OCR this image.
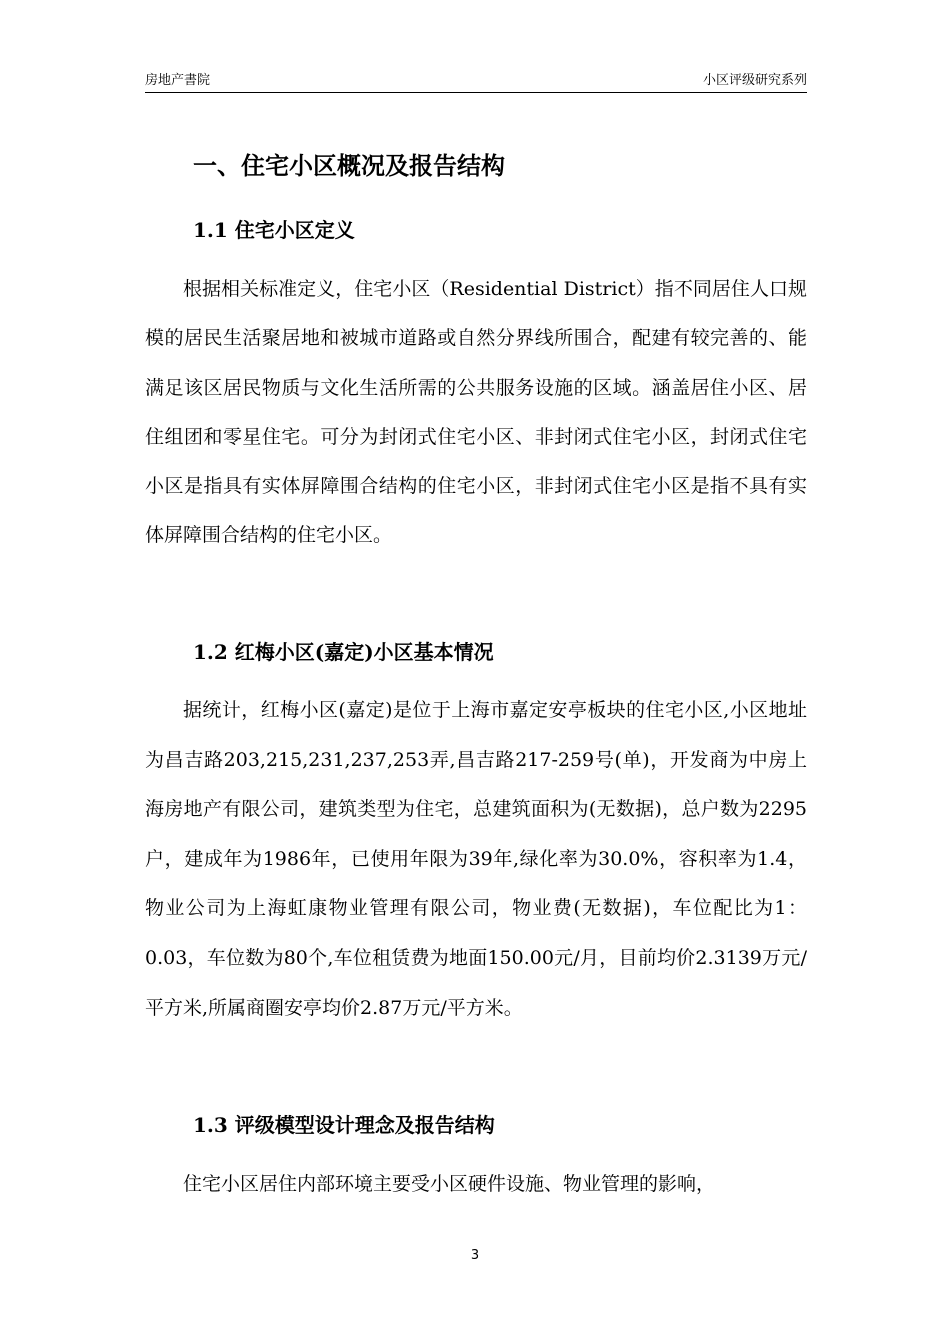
房地产書院	小区评级研究系列
一、住宅小区概况及报告结构
1.1 住宅小区定义

根据相关标准定义，住宅小区（Residential District）指不同居住人口规模的居民生活聚居地和被城市道路或自然分界线所围合，配建有较完善的、能满足该区居民物质与文化生活所需的公共服务设施的区域。涵盖居住小区、居住组团和零星住宅。可分为封闭式住宅小区、非封闭式住宅小区，封闭式住宅小区是指具有实体屏障围合结构的住宅小区，非封闭式住宅小区是指不具有实体屏障围合结构的住宅小区。

1.2 红梅小区(嘉定)小区基本情况

据统计，红梅小区(嘉定)是位于上海市嘉定安亭板块的住宅小区,小区地址为昌吉路203,215,231,237,253弄,昌吉路217-259号(单)，开发商为中房上海房地产有限公司，建筑类型为住宅，总建筑面积为(无数据)，总户数为2295户，建成年为1986年，已使用年限为39年,绿化率为30.0%，容积率为1.4，物业公司为上海虹康物业管理有限公司，物业费(无数据)，车位配比为1：0.03，车位数为80个,车位租赁费为地面150.00元/月，目前均价2.3139万元/平方米,所属商圈安亭均价2.87万元/平方米。

1.3 评级模型设计理念及报告结构

住宅小区居住内部环境主要受小区硬件设施、物业管理的影响，

3
